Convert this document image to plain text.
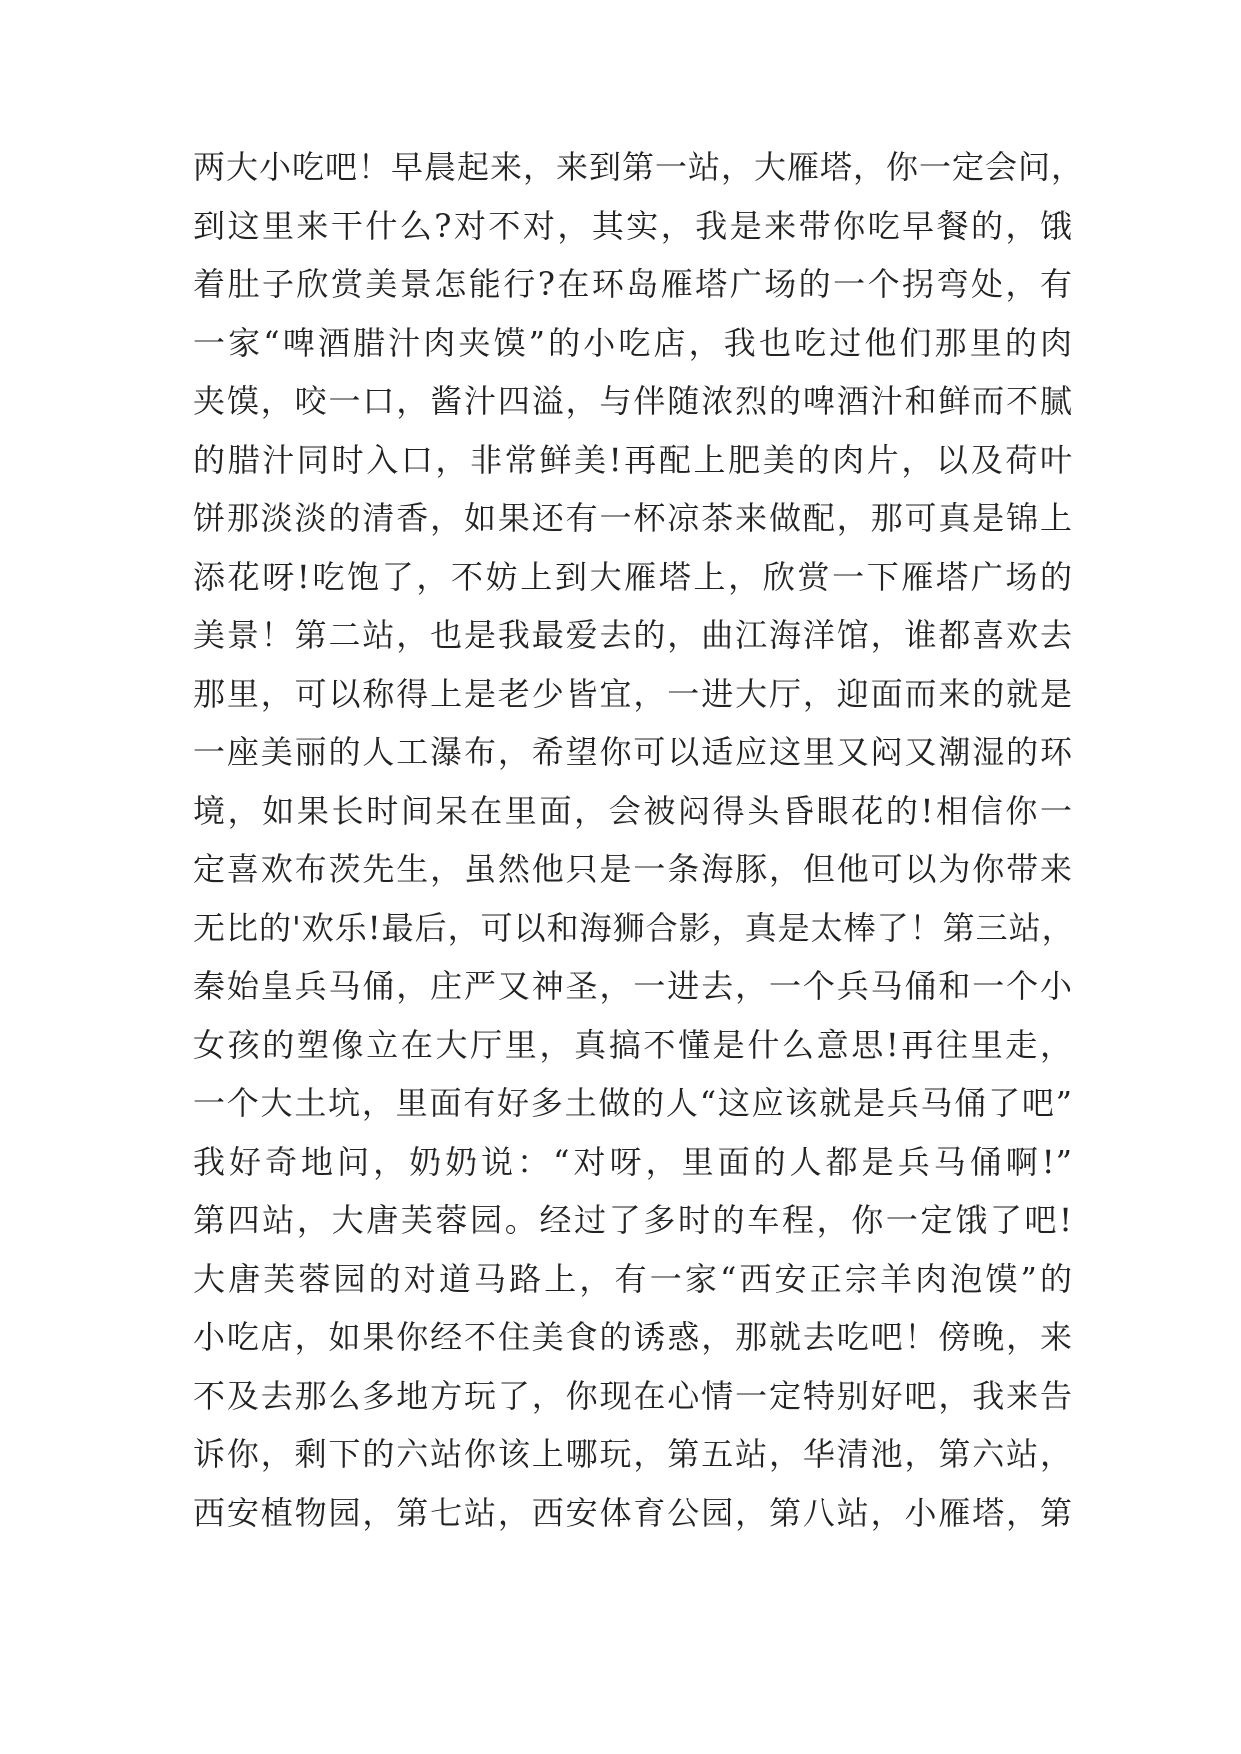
两大小吃吧！早晨起来，来到第一站，大雁塔，你一定会问，
到这里来干什么?对不对，其实，我是来带你吃早餐的，饿
着肚子欣赏美景怎能行?在环岛雁塔广场的一个拐弯处，有
一家“啤酒腊汁肉夹馍”的小吃店，我也吃过他们那里的肉
夹馍，咬一口，酱汁四溢，与伴随浓烈的啤酒汁和鲜而不腻
的腊汁同时入口，非常鲜美!再配上肥美的肉片，以及荷叶
饼那淡淡的清香，如果还有一杯凉茶来做配，那可真是锦上
添花呀!吃饱了，不妨上到大雁塔上，欣赏一下雁塔广场的
美景！第二站，也是我最爱去的，曲江海洋馆，谁都喜欢去
那里，可以称得上是老少皆宜，一进大厅，迎面而来的就是
一座美丽的人工瀑布，希望你可以适应这里又闷又潮湿的环
境，如果长时间呆在里面，会被闷得头昏眼花的!相信你一
定喜欢布茨先生，虽然他只是一条海豚，但他可以为你带来
无比的'欢乐!最后，可以和海狮合影，真是太棒了！第三站，
秦始皇兵马俑，庄严又神圣，一进去，一个兵马俑和一个小
女孩的塑像立在大厅里，真搞不懂是什么意思!再往里走，
一个大土坑，里面有好多土做的人“这应该就是兵马俑了吧”
我好奇地问，奶奶说：“对呀，里面的人都是兵马俑啊!”
第四站，大唐芙蓉园。经过了多时的车程，你一定饿了吧!
大唐芙蓉园的对道马路上，有一家“西安正宗羊肉泡馍”的
小吃店，如果你经不住美食的诱惑，那就去吃吧！傍晚，来
不及去那么多地方玩了，你现在心情一定特别好吧，我来告
诉你，剩下的六站你该上哪玩，第五站，华清池，第六站，
西安植物园，第七站，西安体育公园，第八站，小雁塔，第
